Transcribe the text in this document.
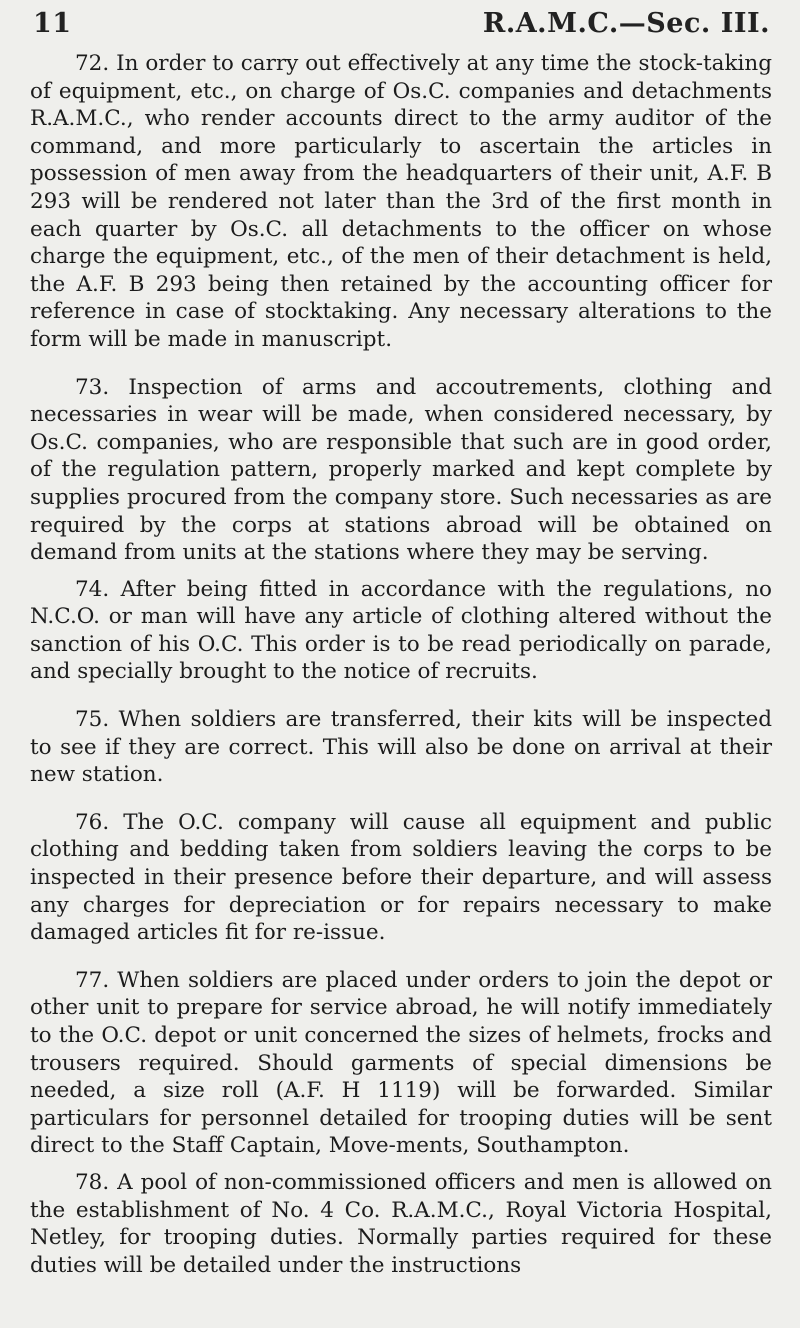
11	R.A.M.C.—Sec. III.

72. In order to carry out effectively at any time the stock-taking of equipment, etc., on charge of Os.C. companies and detachments R.A.M.C., who render accounts direct to the army auditor of the command, and more particularly to ascertain the articles in possession of men away from the headquarters of their unit, A.F. B 293 will be rendered not later than the 3rd of the first month in each quarter by Os.C. all detachments to the officer on whose charge the equipment, etc., of the men of their detachment is held, the A.F. B 293 being then retained by the accounting officer for reference in case of stocktaking. Any necessary alterations to the form will be made in manuscript.

73. Inspection of arms and accoutrements, clothing and necessaries in wear will be made, when considered necessary, by Os.C. companies, who are responsible that such are in good order, of the regulation pattern, properly marked and kept complete by supplies procured from the company store. Such necessaries as are required by the corps at stations abroad will be obtained on demand from units at the stations where they may be serving.

74. After being fitted in accordance with the regulations, no N.C.O. or man will have any article of clothing altered without the sanction of his O.C. This order is to be read periodically on parade, and specially brought to the notice of recruits.

75. When soldiers are transferred, their kits will be inspected to see if they are correct. This will also be done on arrival at their new station.

76. The O.C. company will cause all equipment and public clothing and bedding taken from soldiers leaving the corps to be inspected in their presence before their departure, and will assess any charges for depreciation or for repairs necessary to make damaged articles fit for re-issue.

77. When soldiers are placed under orders to join the depot or other unit to prepare for service abroad, he will notify immediately to the O.C. depot or unit concerned the sizes of helmets, frocks and trousers required. Should garments of special dimensions be needed, a size roll (A.F. H 1119) will be forwarded. Similar particulars for personnel detailed for trooping duties will be sent direct to the Staff Captain, Move-ments, Southampton.

78. A pool of non-commissioned officers and men is allowed on the establishment of No. 4 Co. R.A.M.C., Royal Victoria Hospital, Netley, for trooping duties. Normally parties required for these duties will be detailed under the instructions
